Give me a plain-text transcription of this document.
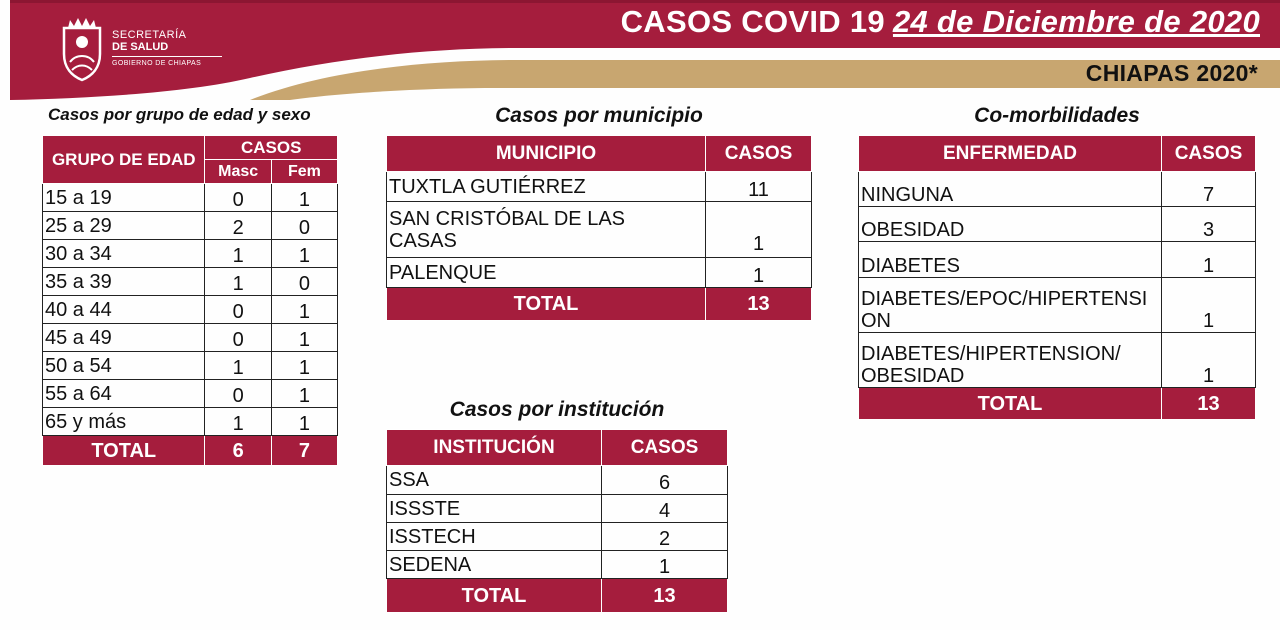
SECRETARÍA
DE SALUD
GOBIERNO DE CHIAPAS
CASOS COVID 19 24 de Diciembre de 2020
CHIAPAS 2020*
Casos por grupo de edad y sexo
GRUPO DE EDAD	CASOS	
	Masc	Fem
15 a 19	0	1
25 a 29	2	0
30 a 34	1	1
35 a 39	1	0
40 a 44	0	1
45 a 49	0	1
50 a 54	1	1
55 a 64	0	1
65 y más	1	1
TOTAL	6	7
Casos por municipio
MUNICIPIO	CASOS
TUXTLA GUTIÉRREZ	11
SAN CRISTÓBAL DE LAS CASAS	1
PALENQUE	1
TOTAL	13
Casos por institución
INSTITUCIÓN	CASOS
SSA	6
ISSSTE	4
ISSTECH	2
SEDENA	1
TOTAL	13
Co-morbilidades
ENFERMEDAD	CASOS
NINGUNA	7
OBESIDAD	3
DIABETES	1
DIABETES/EPOC/HIPERTENSION	1
DIABETES/HIPERTENSION/ OBESIDAD	1
TOTAL	13
